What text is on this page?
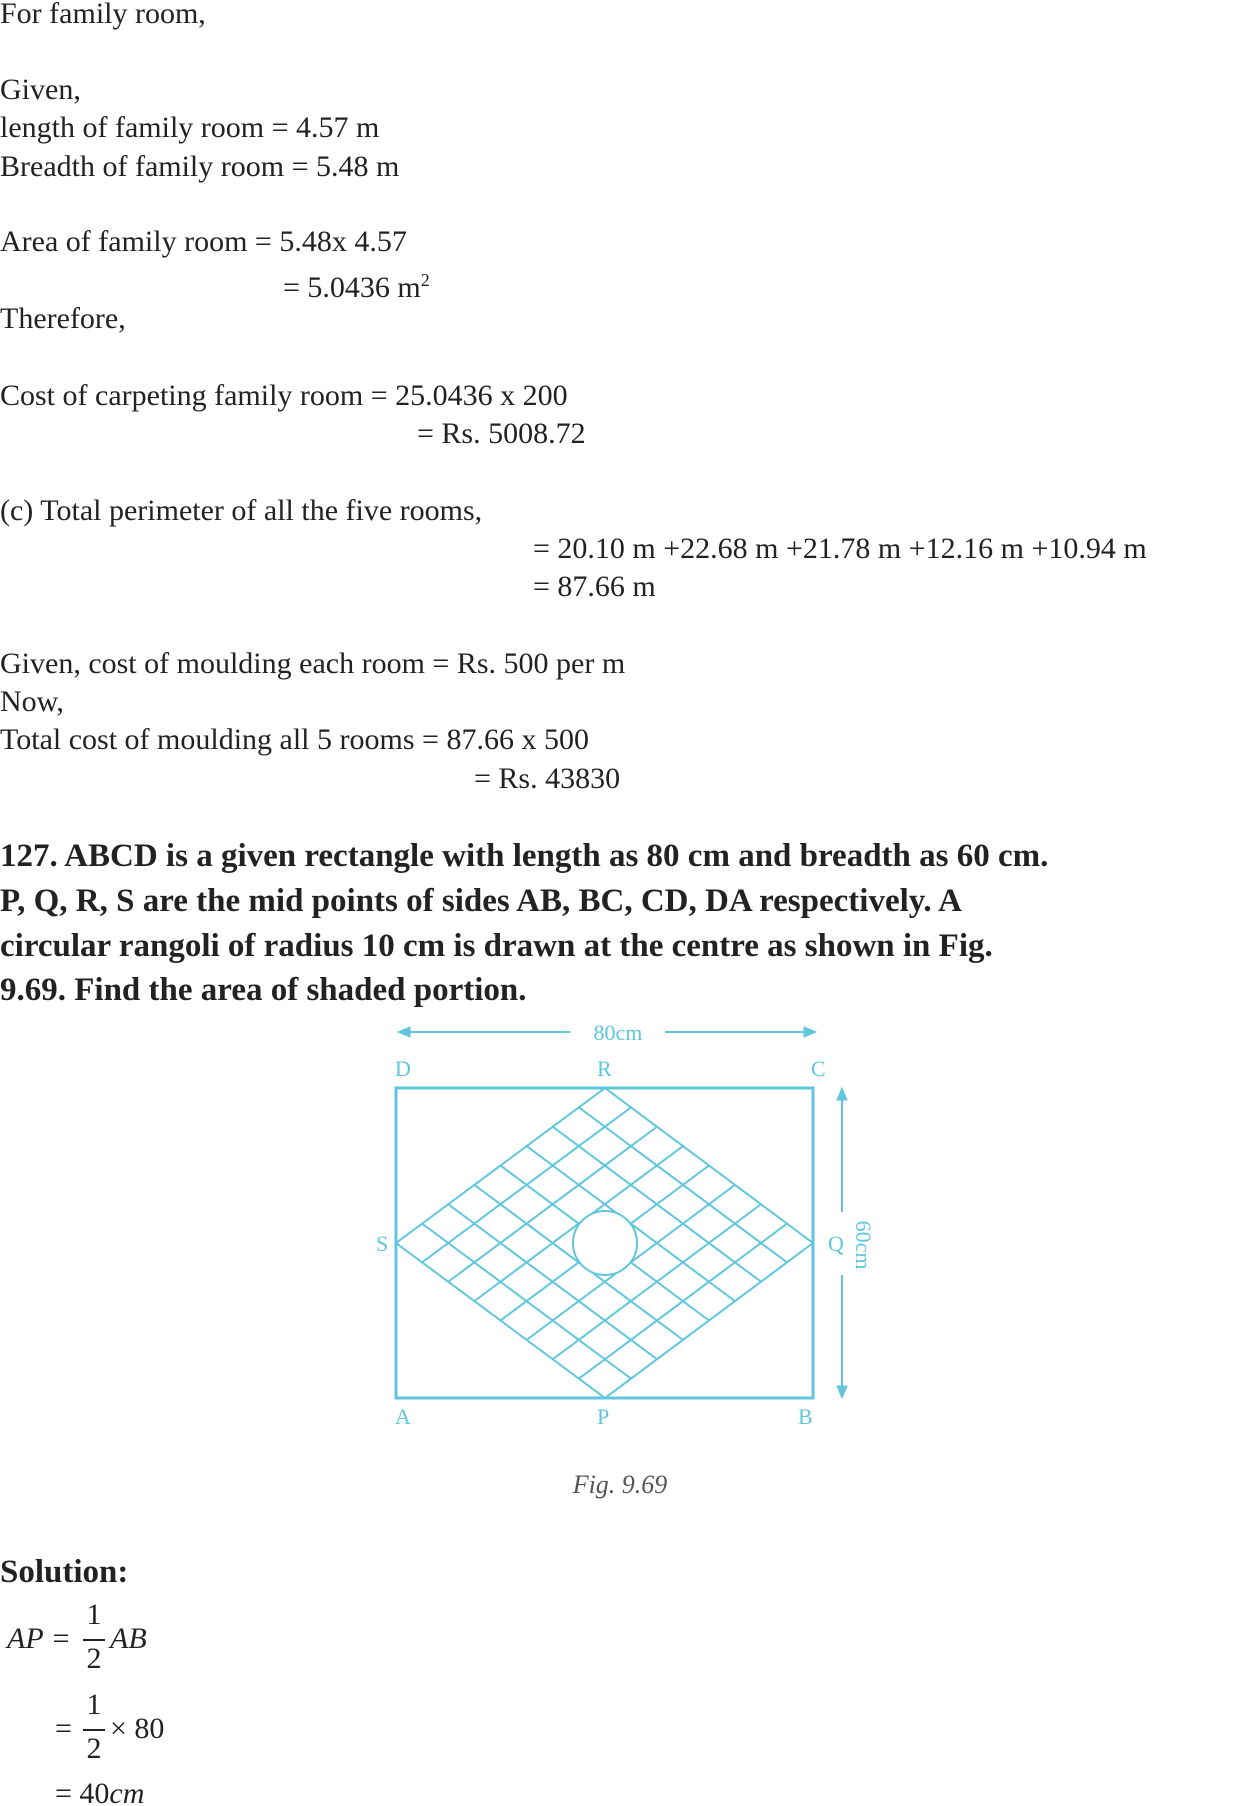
For family room,
Given,
length of family room = 4.57 m
Breadth of family room = 5.48 m
Area of family room = 5.48x 4.57
= 5.0436 $m^2$
Therefore,
Cost of carpeting family room = 25.0436 x 200
= Rs. 5008.72
(c) Total perimeter of all the five rooms,
= 20.10 m +22.68 m +21.78 m +12.16 m +10.94 m
= 87.66 m
Given, cost of moulding each room = Rs. 500 per m
Now,
Total cost of moulding all 5 rooms = 87.66 x 500
= Rs. 43830
127. ABCD is a given rectangle with length as 80 cm and breadth as 60 cm.
P, Q, R, S are the mid points of sides AB, BC, CD, DA respectively. A
circular rangoli of radius 10 cm is drawn at the centre as shown in Fig.
9.69. Find the area of shaded portion.
80cm
60cm
D	R	C
S	Q
A	P	B
Fig. 9.69
Solution:
AP =
1
2
AB
=
1
2
× 80
= 40cm
